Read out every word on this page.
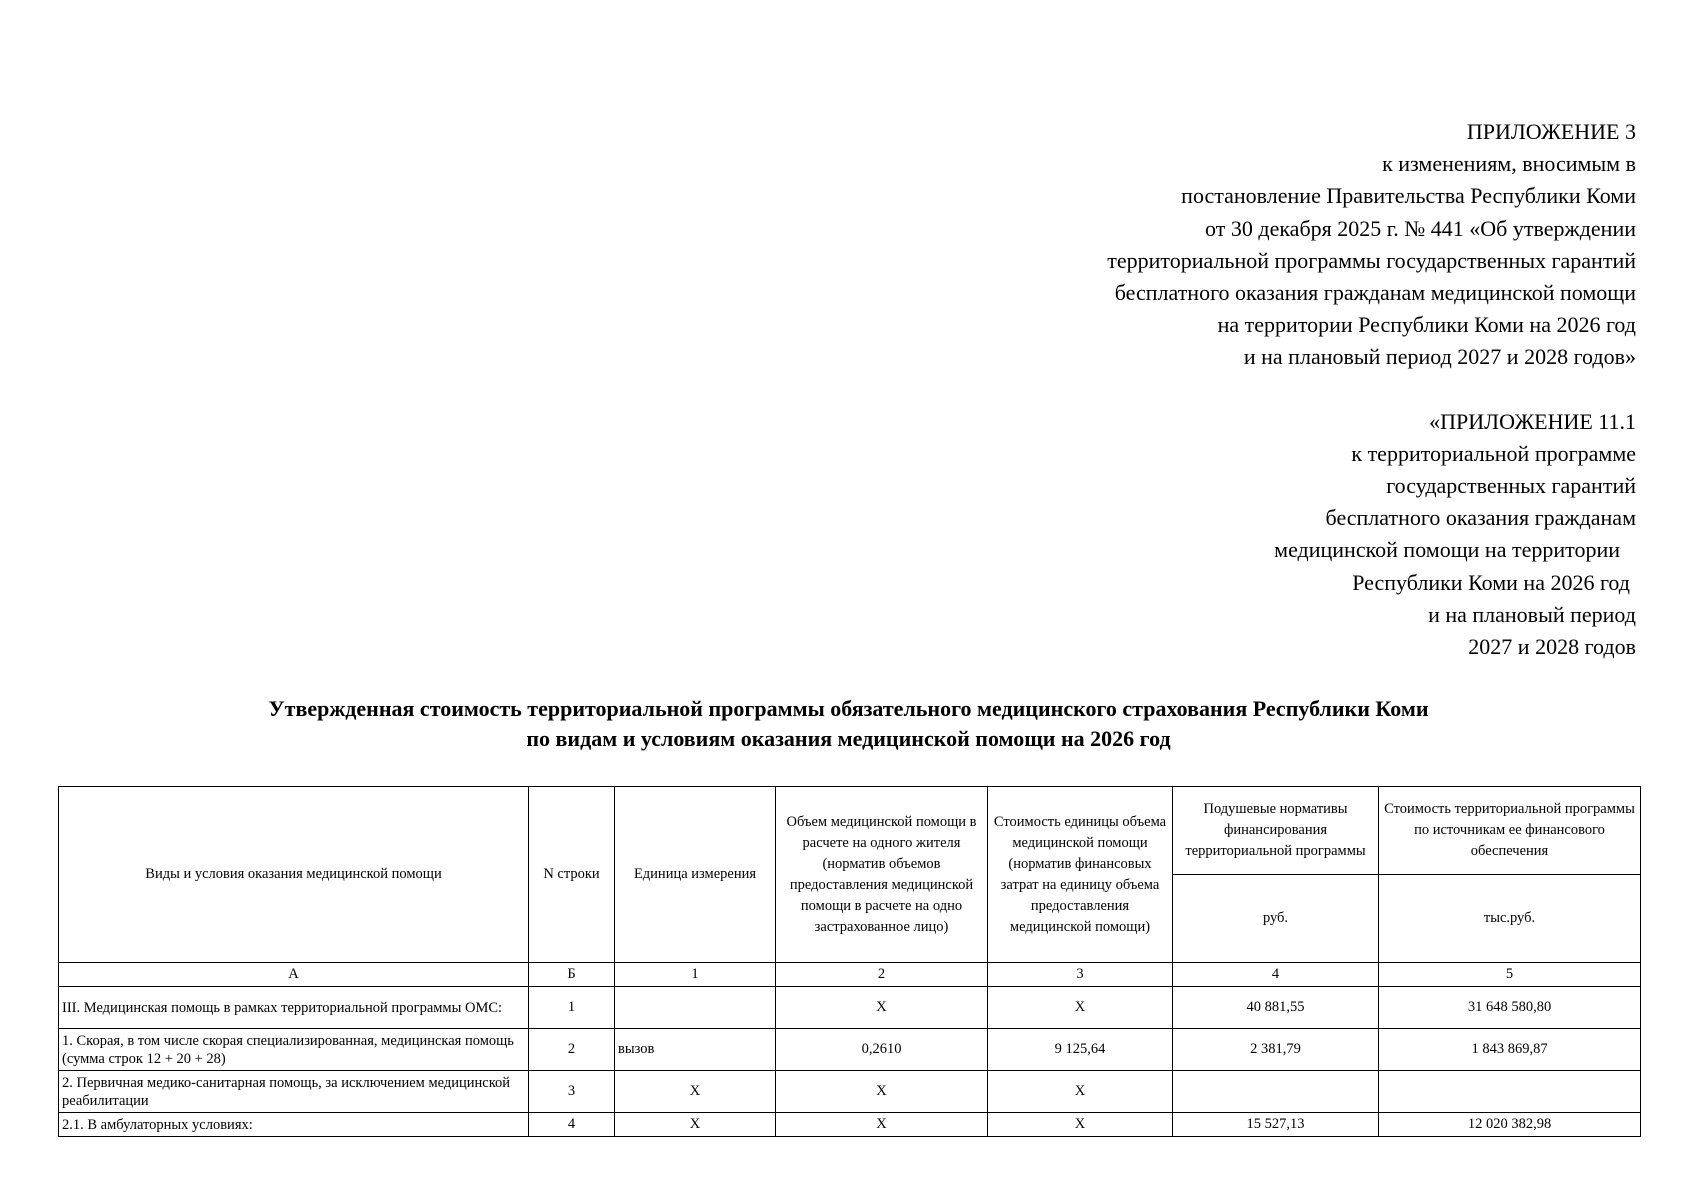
ПРИЛОЖЕНИЕ 3
к изменениям, вносимым в
постановление Правительства Республики Коми
от 30 декабря 2025 г. № 441 «Об утверждении
территориальной программы государственных гарантий
бесплатного оказания гражданам медицинской помощи
на территории Республики Коми на 2026 год
и на плановый период 2027 и 2028 годов»
«ПРИЛОЖЕНИЕ 11.1
к территориальной программе
государственных гарантий
бесплатного оказания гражданам
медицинской помощи на территории
Республики Коми на 2026 год
и на плановый период
2027 и 2028 годов
Утвержденная стоимость территориальной программы обязательного медицинского страхования Республики Коми
по видам и условиям оказания медицинской помощи на 2026 год
Виды и условия оказания медицинской помощи	N строки	Единица измерения	Объем медицинской помощи в расчете на одного жителя (норматив объемов предоставления медицинской помощи в расчете на одно застрахованное лицо)	Стоимость единицы объема медицинской помощи (норматив финансовых затрат на единицу объема предоставления медицинской помощи)	Подушевые нормативы финансирования территориальной программы	Стоимость территориальной программы по источникам ее финансового обеспечения
					руб.	тыс.руб.
А	Б	1	2	3	4	5
III. Медицинская помощь в рамках территориальной программы ОМС:	1		Х	Х	40 881,55	31 648 580,80
1. Скорая, в том числе скорая специализированная, медицинская помощь (сумма строк 12 + 20 + 28)	2	вызов	0,2610	9 125,64	2 381,79	1 843 869,87
2. Первичная медико-санитарная помощь, за исключением медицинской реабилитации	3	Х	Х	Х		
2.1. В амбулаторных условиях:	4	Х	Х	Х	15 527,13	12 020 382,98
